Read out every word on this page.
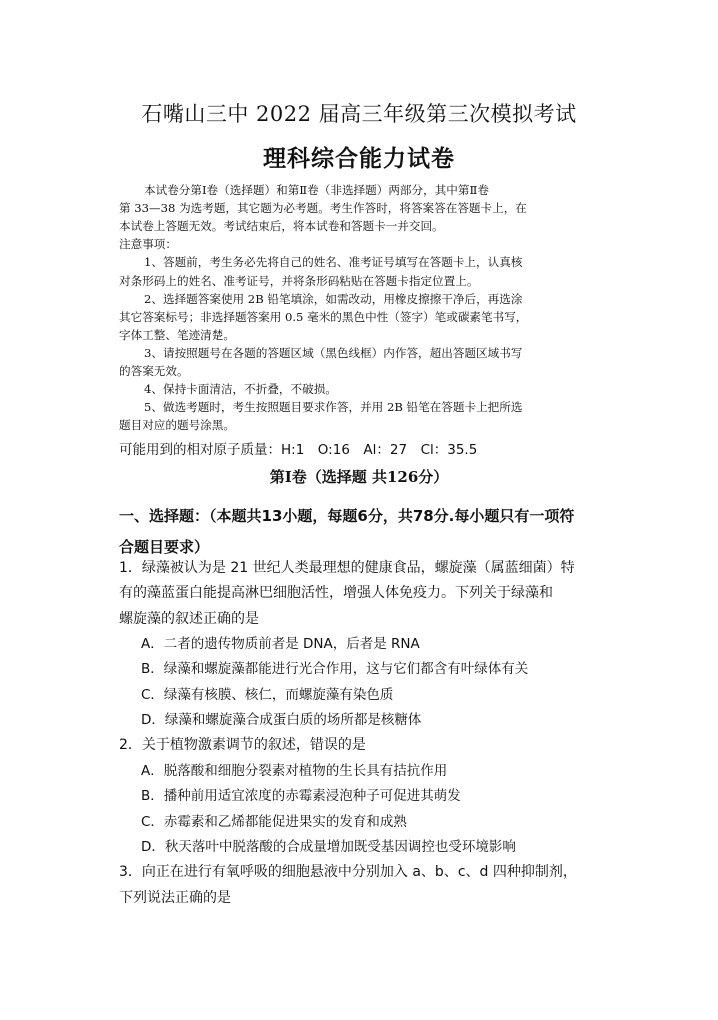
石嘴山三中 2022 届高三年级第三次模拟考试
理科综合能力试卷
本试卷分第Ⅰ卷（选择题）和第Ⅱ卷（非选择题）两部分，其中第Ⅱ卷
第 33—38 为选考题，其它题为必考题。考生作答时，将答案答在答题卡上，在
本试卷上答题无效。考试结束后，将本试卷和答题卡一并交回。
注意事项：
1、答题前，考生务必先将自己的姓名、准考证号填写在答题卡上，认真核
对条形码上的姓名、准考证号，并将条形码粘贴在答题卡指定位置上。
2、选择题答案使用 2B 铅笔填涂，如需改动，用橡皮擦擦干净后，再选涂
其它答案标号；非选择题答案用 0.5 毫米的黑色中性（签字）笔或碳素笔书写，
字体工整、笔迹清楚。
3、请按照题号在各题的答题区域（黑色线框）内作答，超出答题区域书写
的答案无效。
4、保持卡面清洁，不折叠，不破损。
5、做选考题时，考生按照题目要求作答，并用 2B 铅笔在答题卡上把所选
题目对应的题号涂黑。
可能用到的相对原子质量：H:1　O:16　Al：27　Cl：35.5
第Ⅰ卷（选择题 共126分）
一、选择题：（本题共13小题，每题6分，共78分.每小题只有一项符
合题目要求）
1．绿藻被认为是 21 世纪人类最理想的健康食品，螺旋藻（属蓝细菌）特
有的藻蓝蛋白能提高淋巴细胞活性，增强人体免疫力。下列关于绿藻和
螺旋藻的叙述正确的是
A．二者的遗传物质前者是 DNA，后者是 RNA
B．绿藻和螺旋藻都能进行光合作用，这与它们都含有叶绿体有关
C．绿藻有核膜、核仁，而螺旋藻有染色质
D．绿藻和螺旋藻合成蛋白质的场所都是核糖体
2．关于植物激素调节的叙述，错误的是
A．脱落酸和细胞分裂素对植物的生长具有拮抗作用
B．播种前用适宜浓度的赤霉素浸泡种子可促进其萌发
C．赤霉素和乙烯都能促进果实的发育和成熟
D．秋天落叶中脱落酸的合成量增加既受基因调控也受环境影响
3．向正在进行有氧呼吸的细胞悬液中分别加入 a、b、c、d 四种抑制剂，
下列说法正确的是
